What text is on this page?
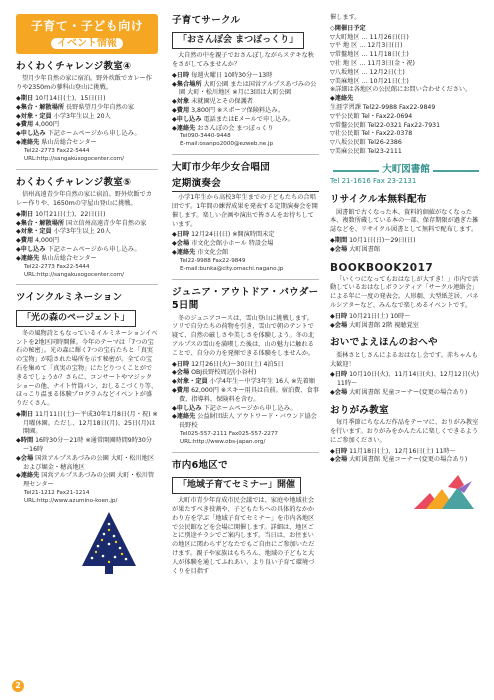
子育て・子ども向け
イベント情報
わくわくチャレンジ教室④

望月少年自然の家に宿泊。野外炊飯でカレー作りや2350mの蓼科山登山に挑戦。

◆期日 10月14日(土)、15日(日)
◆集合・解散場所 長野県望月少年自然の家
◆対象・定員 小学3年生以上 20人
◆費用 4,000円
◆申し込み 下記ホームページから申し込み。
◆連絡先 県山岳総合センター
Tel22-2773 Fax22-5444
URL:http://sangakusogocenter.com/
わくわくチャレンジ教室⑤

信州高遠青少年自然の家に宿泊。野外炊飯でカレー作りや、1650mの守屋山登山に挑戦。

◆期日 10月21日(土)、22日(日)
◆集合・解散場所 国立信州高遠青少年自然の家
◆対象・定員 小学3年生以上 20人
◆費用 4,000円
◆申し込み 下記ホームページから申し込み。
◆連絡先 県山岳総合センター
Tel22-2773 Fax22-5444
URL:http://sangakusogocenter.com/
ツインクルミネーション
「光の森のページェント」

冬の風物詩ともなっているイルミネーションイベントを2地区同時開催。今年のテーマは「7つの宝石の秘密」。光の森に輝く7つの宝石たちと「真実の宝物」が隠された場所を示す秘密が。全ての宝石を集めて「真実の宝物」にたどりつくことができるでしょうか？さらに、コンサートやマジックショーの他、ナイト竹筒パン、おしるこづくり等、ほっこり温まる体験プログラムなどイベントが盛りだくさん。

◆期日 11月11日(土)～平成30年1月8日(月・祝) ※月曜休園。ただし、12月18日(月)、25日(月)は開園。
◆時間 16時30分～21時 ※通常開園時間9時30分～16時
◆会場 国営アルプスあづみの公園 大町・松川地区および堀金・穂高地区
◆連絡先 国営アルプスあづみの公園 大町・松川管理センター
Tel21-1212 Fax21-1214
URL:http://www.azumino-koen.jp/
2
子育てサークル
「おさんぽ会 まつぼっくり」

大自然の中を親子でおさんぽしながらステキな秋をさがしてみませんか？

◆日時 毎週火曜日 10時30分～13時
◆集合場所 大町公園 または国営アルプスあづみの公園 大町・松川地区 ※月に3回は大町公園
◆対象 未就園児とその保護者
◆費用 3,800円 ※スポーツ保険料込み。
◆申し込み 電話またはEメールで申し込み。
◆連絡先 おさんぽの会 まつぼっくり
Tel090-3440-9448
E-mail:osanpo2000@ezweb.ne.jp
大町市少年少女合唱団
定期演奏会

小学1年生から高校3年生までの子どもたちの合唱団です。1年間の練習成果を発表する定期演奏会を開催します。楽しい企画や演出で皆さんをお待ちしています。

◆日時 12月24日(日) ※開演時間未定
◆会場 市文化会館小ホール 特設会場
◆連絡先 市文化会館
Tel22-9988 Fax22-9849
E-mail:bunka@city.omachi.nagano.jp
ジュニア・アウトドア・パウダー5日間

冬のジュニアコースは、雪山登山に挑戦します。ソリで自分たちの荷物を引き、雪山で朝のテントで寝て、自然の厳しさや美しさを体験しよう。冬の北アルプスの雪山を満喫した後は、山の魅力に触れることで、自分の力を発揮できる体験をしませんか。

◆日時 12月26日(火)～30日(土) 4泊5日
◆会場 OBJ長野校周辺(小谷村)
◆対象・定員 小学4年生～中学3年生 16人 ※先着順
◆費用 62,000円 ※スキー用具は自前。宿泊費、食事費、指導料、保険料を含む。
◆申し込み 下記ホームページから申し込み。
◆連絡先 公益財団法人 アウトワード・バウンド協会 長野校
Tel025-557-2111 Fax025-557-2277
URL:http://www.obs-japan.org/
市内6地区で
「地域子育てセミナー」開催

大町市青少年育成市民会議では、家庭や地域社会が果たすべき役割や、子どもたちへの具体的なかかわり方を学ぶ「地域子育てセミナー」を市内各地区で公民館などを会場に開催します。詳細は、地区ごとに別途チラシでご案内します。当日は、お住まいの地区に関わらずどなたでもご自由にご参加いただけます。親子や家族はもちろん、地域の子どもと大人が体験を通してふれあい、より良い子育て環境づくりを目指す

催します。

◇開催日予定
▽大町地区 … 11月26日(日)
▽平 地 区 … 12月3日(日)
▽常盤地区 … 11月18日(土)
▽社 地 区 … 11月3日(金・祝)
▽八坂地区 … 12月2日(土)
▽美麻地区 … 10月21日(土)
※詳細は各地区の公民館にお問い合わせください。
◆連絡先
生涯学習課 Tel22-9988 Fax22-9849
▽平公民館 Tel・Fax22-0694
▽常盤公民館 Tel22-0321 Fax22-7931
▽社公民館 Tel・Fax22-0378
▽八坂公民館 Tel26-2386
▽美麻公民館 Tel23-2111
大町図書館
Tel 21-1616 Fax 23-2131
リサイクル本無料配布

図書館で古くなった本、資料的価値がなくなった本、複数所蔵している本の一部、保存期限が過ぎた雑誌などを、リサイクル図書として無料で配布します。

◆期間 10月1日(日)～29日(日)
◆会場 大町図書館
BOOKBOOK2017

「いくつになってもおはなしが大すき！」市内で活動しているおはなしボランティア「サークル連絡会」による年に一度の発表会。人形劇、大型紙芝居、パネルシアターなど、みんなで楽しめるイベントです。

◆日時 10月21日(土) 10時～
◆会場 大町図書館 2階 視聴覚室
おいでよえほんのおへや

栗林さとしさんによるおはなし会です。赤ちゃんも大歓迎！

◆日時 10月10日(火)、11月14日(火)、12月12日(火) 11時～
◆会場 大町図書館 児童コーナー(変更の場合あり)
おりがみ教室

毎月季節にちなんだ作品をテーマに、おりがみ教室を行います。おりがみをかんたんに楽しくできるようにご参加ください。

◆日時 11月18日(土)、12月16日(土) 11時～
◆会場 大町図書館 児童コーナー(変更の場合あり)
